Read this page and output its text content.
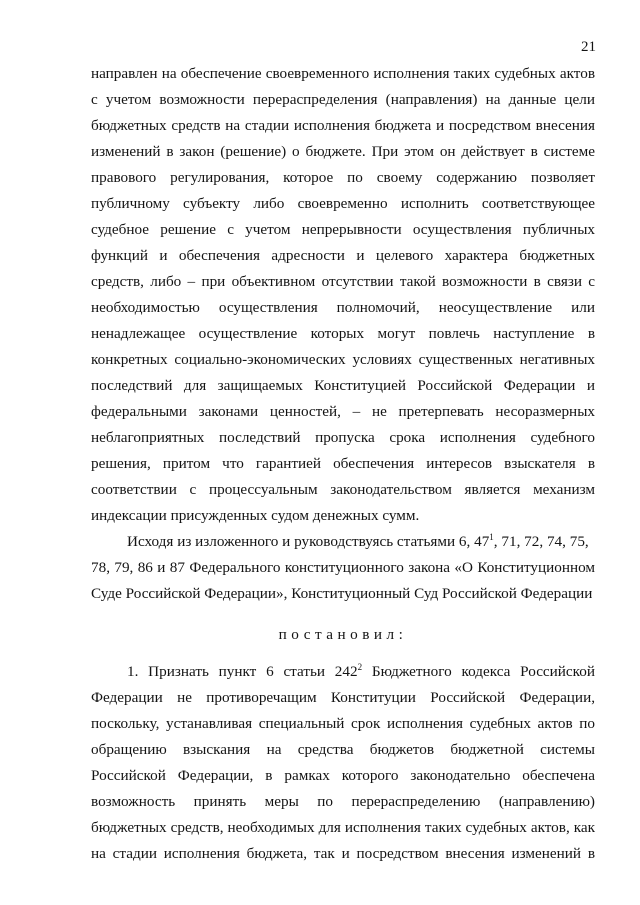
21
направлен на обеспечение своевременного исполнения таких судебных актов
с учетом возможности перераспределения (направления) на данные цели
бюджетных средств на стадии исполнения бюджета и посредством внесения
изменений в закон (решение) о бюджете. При этом он действует в системе
правового регулирования, которое по своему содержанию позволяет
публичному субъекту либо своевременно исполнить соответствующее
судебное решение с учетом непрерывности осуществления публичных
функций и обеспечения адресности и целевого характера бюджетных
средств, либо – при объективном отсутствии такой возможности в связи с
необходимостью осуществления полномочий, неосуществление или
ненадлежащее осуществление которых могут повлечь наступление в
конкретных социально-экономических условиях существенных негативных
последствий для защищаемых Конституцией Российской Федерации и
федеральными законами ценностей, – не претерпевать несоразмерных
неблагоприятных последствий пропуска срока исполнения судебного
решения, притом что гарантией обеспечения интересов взыскателя в
соответствии с процессуальным законодательством является механизм
индексации присужденных судом денежных сумм.
Исходя из изложенного и руководствуясь статьями 6, $47^1$, 71, 72, 74, 75,
78, 79, 86 и 87 Федерального конституционного закона «О Конституционном
Суде Российской Федерации», Конституционный Суд Российской Федерации
постановил:
1. Признать пункт 6 статьи $242^2$ Бюджетного кодекса Российской
Федерации не противоречащим Конституции Российской Федерации,
поскольку, устанавливая специальный срок исполнения судебных актов по
обращению взыскания на средства бюджетов бюджетной системы
Российской Федерации, в рамках которого законодательно обеспечена
возможность принять меры по перераспределению (направлению)
бюджетных средств, необходимых для исполнения таких судебных актов, как
на стадии исполнения бюджета, так и посредством внесения изменений в
